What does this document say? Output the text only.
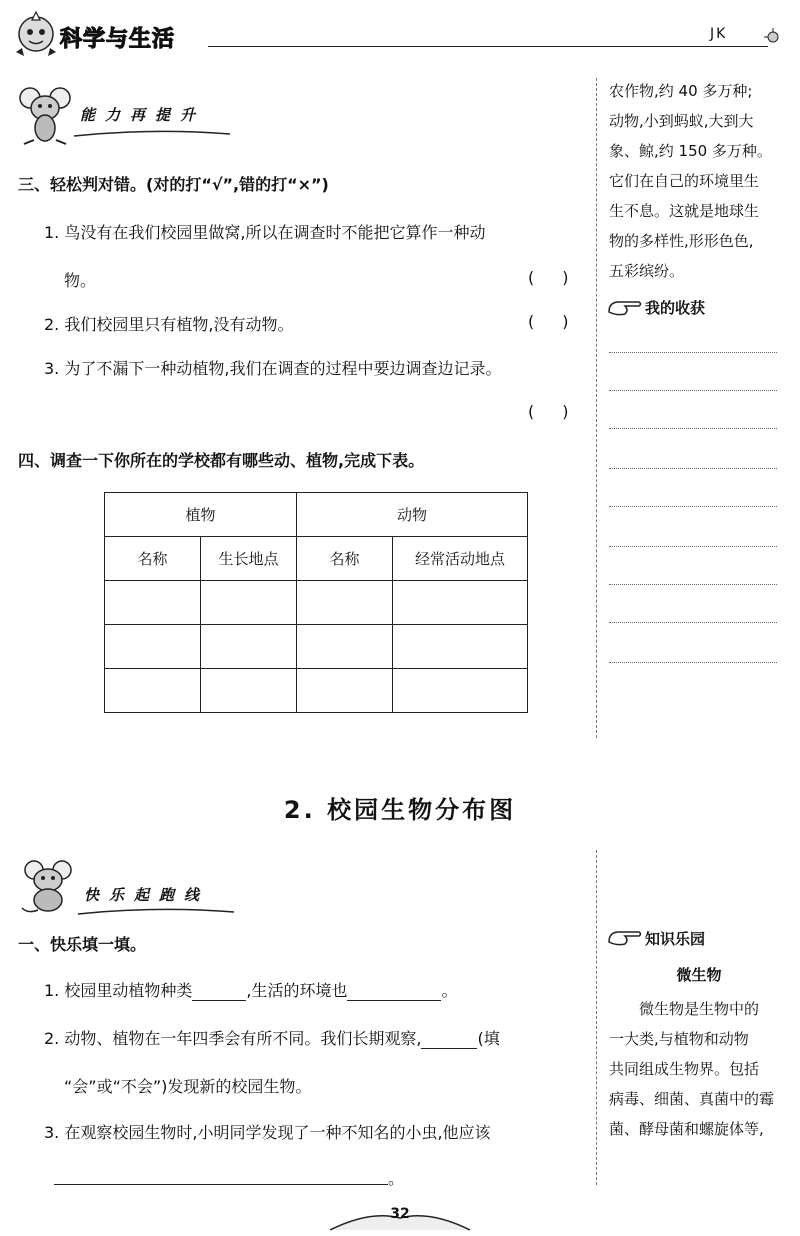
科学与生活	JK
能力再提升
三、轻松判对错。(对的打“√”,错的打“×”)
1. 鸟没有在我们校园里做窝,所以在调查时不能把它算作一种动
物。	()
2. 我们校园里只有植物,没有动物。	()
3. 为了不漏下一种动植物,我们在调查的过程中要边调查边记录。
()
四、调查一下你所在的学校都有哪些动、植物,完成下表。
植物		动物	
名称	生长地点	名称	经常活动地点

农作物,约 40 多万种;
动物,小到蚂蚁,大到大
象、鲸,约 150 多万种。
它们在自己的环境里生
生不息。这就是地球生
物的多样性,形形色色,
五彩缤纷。
我的收获
2. 校园生物分布图
快乐起跑线
一、快乐填一填。
1. 校园里动植物种类	,生活的环境也	。
2. 动物、植物在一年四季会有所不同。我们长期观察,	(填
“会”或“不会”)发现新的校园生物。
3. 在观察校园生物时,小明同学发现了一种不知名的小虫,他应该
。
知识乐园
微生物
微生物是生物中的
一大类,与植物和动物
共同组成生物界。包括
病毒、细菌、真菌中的霉
菌、酵母菌和螺旋体等,
32
